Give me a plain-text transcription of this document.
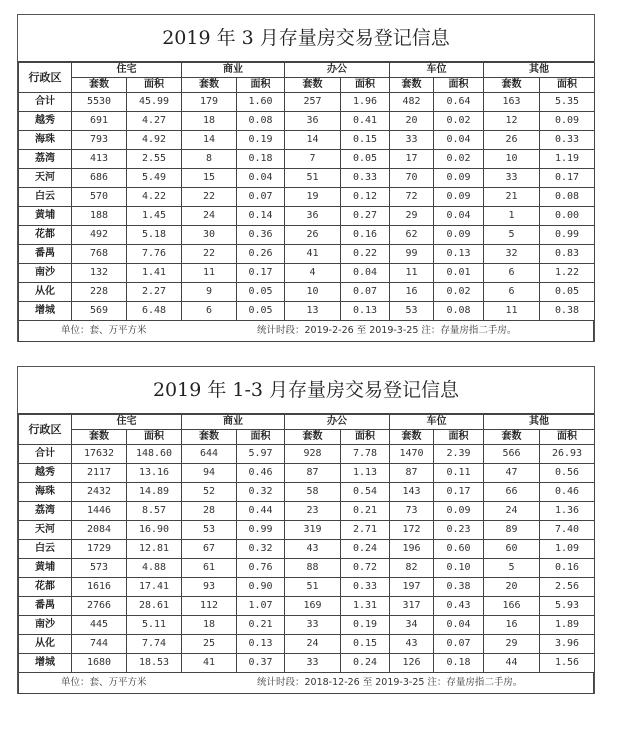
2019 年 3 月存量房交易登记信息
行政区	住宅		商业		办公		车位		其他	
	套数	面积	套数	面积	套数	面积	套数	面积	套数	面积
合计	5530	45.99	179	1.60	257	1.96	482	0.64	163	5.35
越秀	691	4.27	18	0.08	36	0.41	20	0.02	12	0.09
海珠	793	4.92	14	0.19	14	0.15	33	0.04	26	0.33
荔湾	413	2.55	8	0.18	7	0.05	17	0.02	10	1.19
天河	686	5.49	15	0.04	51	0.33	70	0.09	33	0.17
白云	570	4.22	22	0.07	19	0.12	72	0.09	21	0.08
黄埔	188	1.45	24	0.14	36	0.27	29	0.04	1	0.00
花都	492	5.18	30	0.36	26	0.16	62	0.09	5	0.99
番禺	768	7.76	22	0.26	41	0.22	99	0.13	32	0.83
南沙	132	1.41	11	0.17	4	0.04	11	0.01	6	1.22
从化	228	2.27	9	0.05	10	0.07	16	0.02	6	0.05
增城	569	6.48	6	0.05	13	0.13	53	0.08	11	0.38
单位：套、万平方米	统计时段：2019-2-26 至 2019-3-25 注：存量房指二手房。
2019 年 1-3 月存量房交易登记信息
行政区	住宅		商业		办公		车位		其他	
	套数	面积	套数	面积	套数	面积	套数	面积	套数	面积
合计	17632	148.60	644	5.97	928	7.78	1470	2.39	566	26.93
越秀	2117	13.16	94	0.46	87	1.13	87	0.11	47	0.56
海珠	2432	14.89	52	0.32	58	0.54	143	0.17	66	0.46
荔湾	1446	8.57	28	0.44	23	0.21	73	0.09	24	1.36
天河	2084	16.90	53	0.99	319	2.71	172	0.23	89	7.40
白云	1729	12.81	67	0.32	43	0.24	196	0.60	60	1.09
黄埔	573	4.88	61	0.76	88	0.72	82	0.10	5	0.16
花都	1616	17.41	93	0.90	51	0.33	197	0.38	20	2.56
番禺	2766	28.61	112	1.07	169	1.31	317	0.43	166	5.93
南沙	445	5.11	18	0.21	33	0.19	34	0.04	16	1.89
从化	744	7.74	25	0.13	24	0.15	43	0.07	29	3.96
增城	1680	18.53	41	0.37	33	0.24	126	0.18	44	1.56
单位：套、万平方米	统计时段：2018-12-26 至 2019-3-25 注：存量房指二手房。
